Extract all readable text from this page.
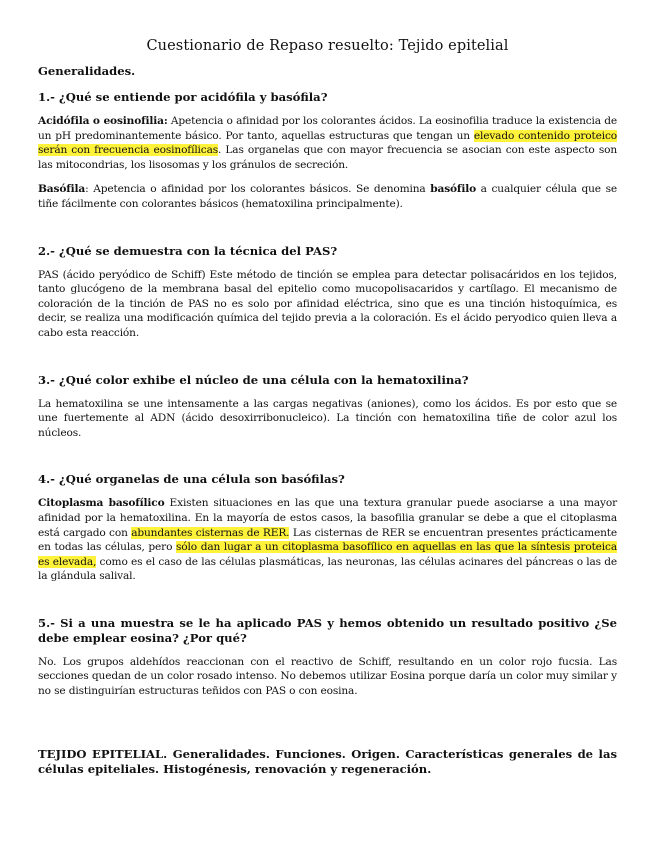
Cuestionario de Repaso resuelto: Tejido epitelial
Generalidades.
1.- ¿Qué se entiende por acidófila y basófila?

Acidófila o eosinofilia: Apetencia o afinidad por los colorantes ácidos. La eosinofilia traduce la existencia de un pH predominantemente básico. Por tanto, aquellas estructuras que tengan un elevado contenido proteico serán con frecuencia eosinofílicas. Las organelas que con mayor frecuencia se asocian con este aspecto son las mitocondrias, los lisosomas y los gránulos de secreción.

Basófila: Apetencia o afinidad por los colorantes básicos. Se denomina basófilo a cualquier célula que se tiñe fácilmente con colorantes básicos (hematoxilina principalmente).

2.- ¿Qué se demuestra con la técnica del PAS?

PAS (ácido peryódico de Schiff) Este método de tinción se emplea para detectar polisacáridos en los tejidos, tanto glucógeno de la membrana basal del epitelio como mucopolisacaridos y cartílago. El mecanismo de coloración de la tinción de PAS no es solo por afinidad eléctrica, sino que es una tinción histoquímica, es decir, se realiza una modificación química del tejido previa a la coloración. Es el ácido peryodico quien lleva a cabo esta reacción.

3.- ¿Qué color exhibe el núcleo de una célula con la hematoxilina?

La hematoxilina se une intensamente a las cargas negativas (aniones), como los ácidos. Es por esto que se une fuertemente al ADN (ácido desoxirribonucleico). La tinción con hematoxilina tiñe de color azul los núcleos.

4.- ¿Qué organelas de una célula son basófilas?

Citoplasma basofílico Existen situaciones en las que una textura granular puede asociarse a una mayor afinidad por la hematoxilina. En la mayoría de estos casos, la basofilia granular se debe a que el citoplasma está cargado con abundantes cisternas de RER. Las cisternas de RER se encuentran presentes prácticamente en todas las células, pero sólo dan lugar a un citoplasma basofílico en aquellas en las que la síntesis proteica es elevada, como es el caso de las células plasmáticas, las neuronas, las células acinares del páncreas o las de la glándula salival.

5.- Si a una muestra se le ha aplicado PAS y hemos obtenido un resultado positivo ¿Se debe emplear eosina? ¿Por qué?

No. Los grupos aldehídos reaccionan con el reactivo de Schiff, resultando en un color rojo fucsia. Las secciones quedan de un color rosado intenso. No debemos utilizar Eosina porque daría un color muy similar y no se distinguirían estructuras teñidos con PAS o con eosina.

TEJIDO EPITELIAL. Generalidades. Funciones. Origen. Características generales de las células epiteliales. Histogénesis, renovación y regeneración.
